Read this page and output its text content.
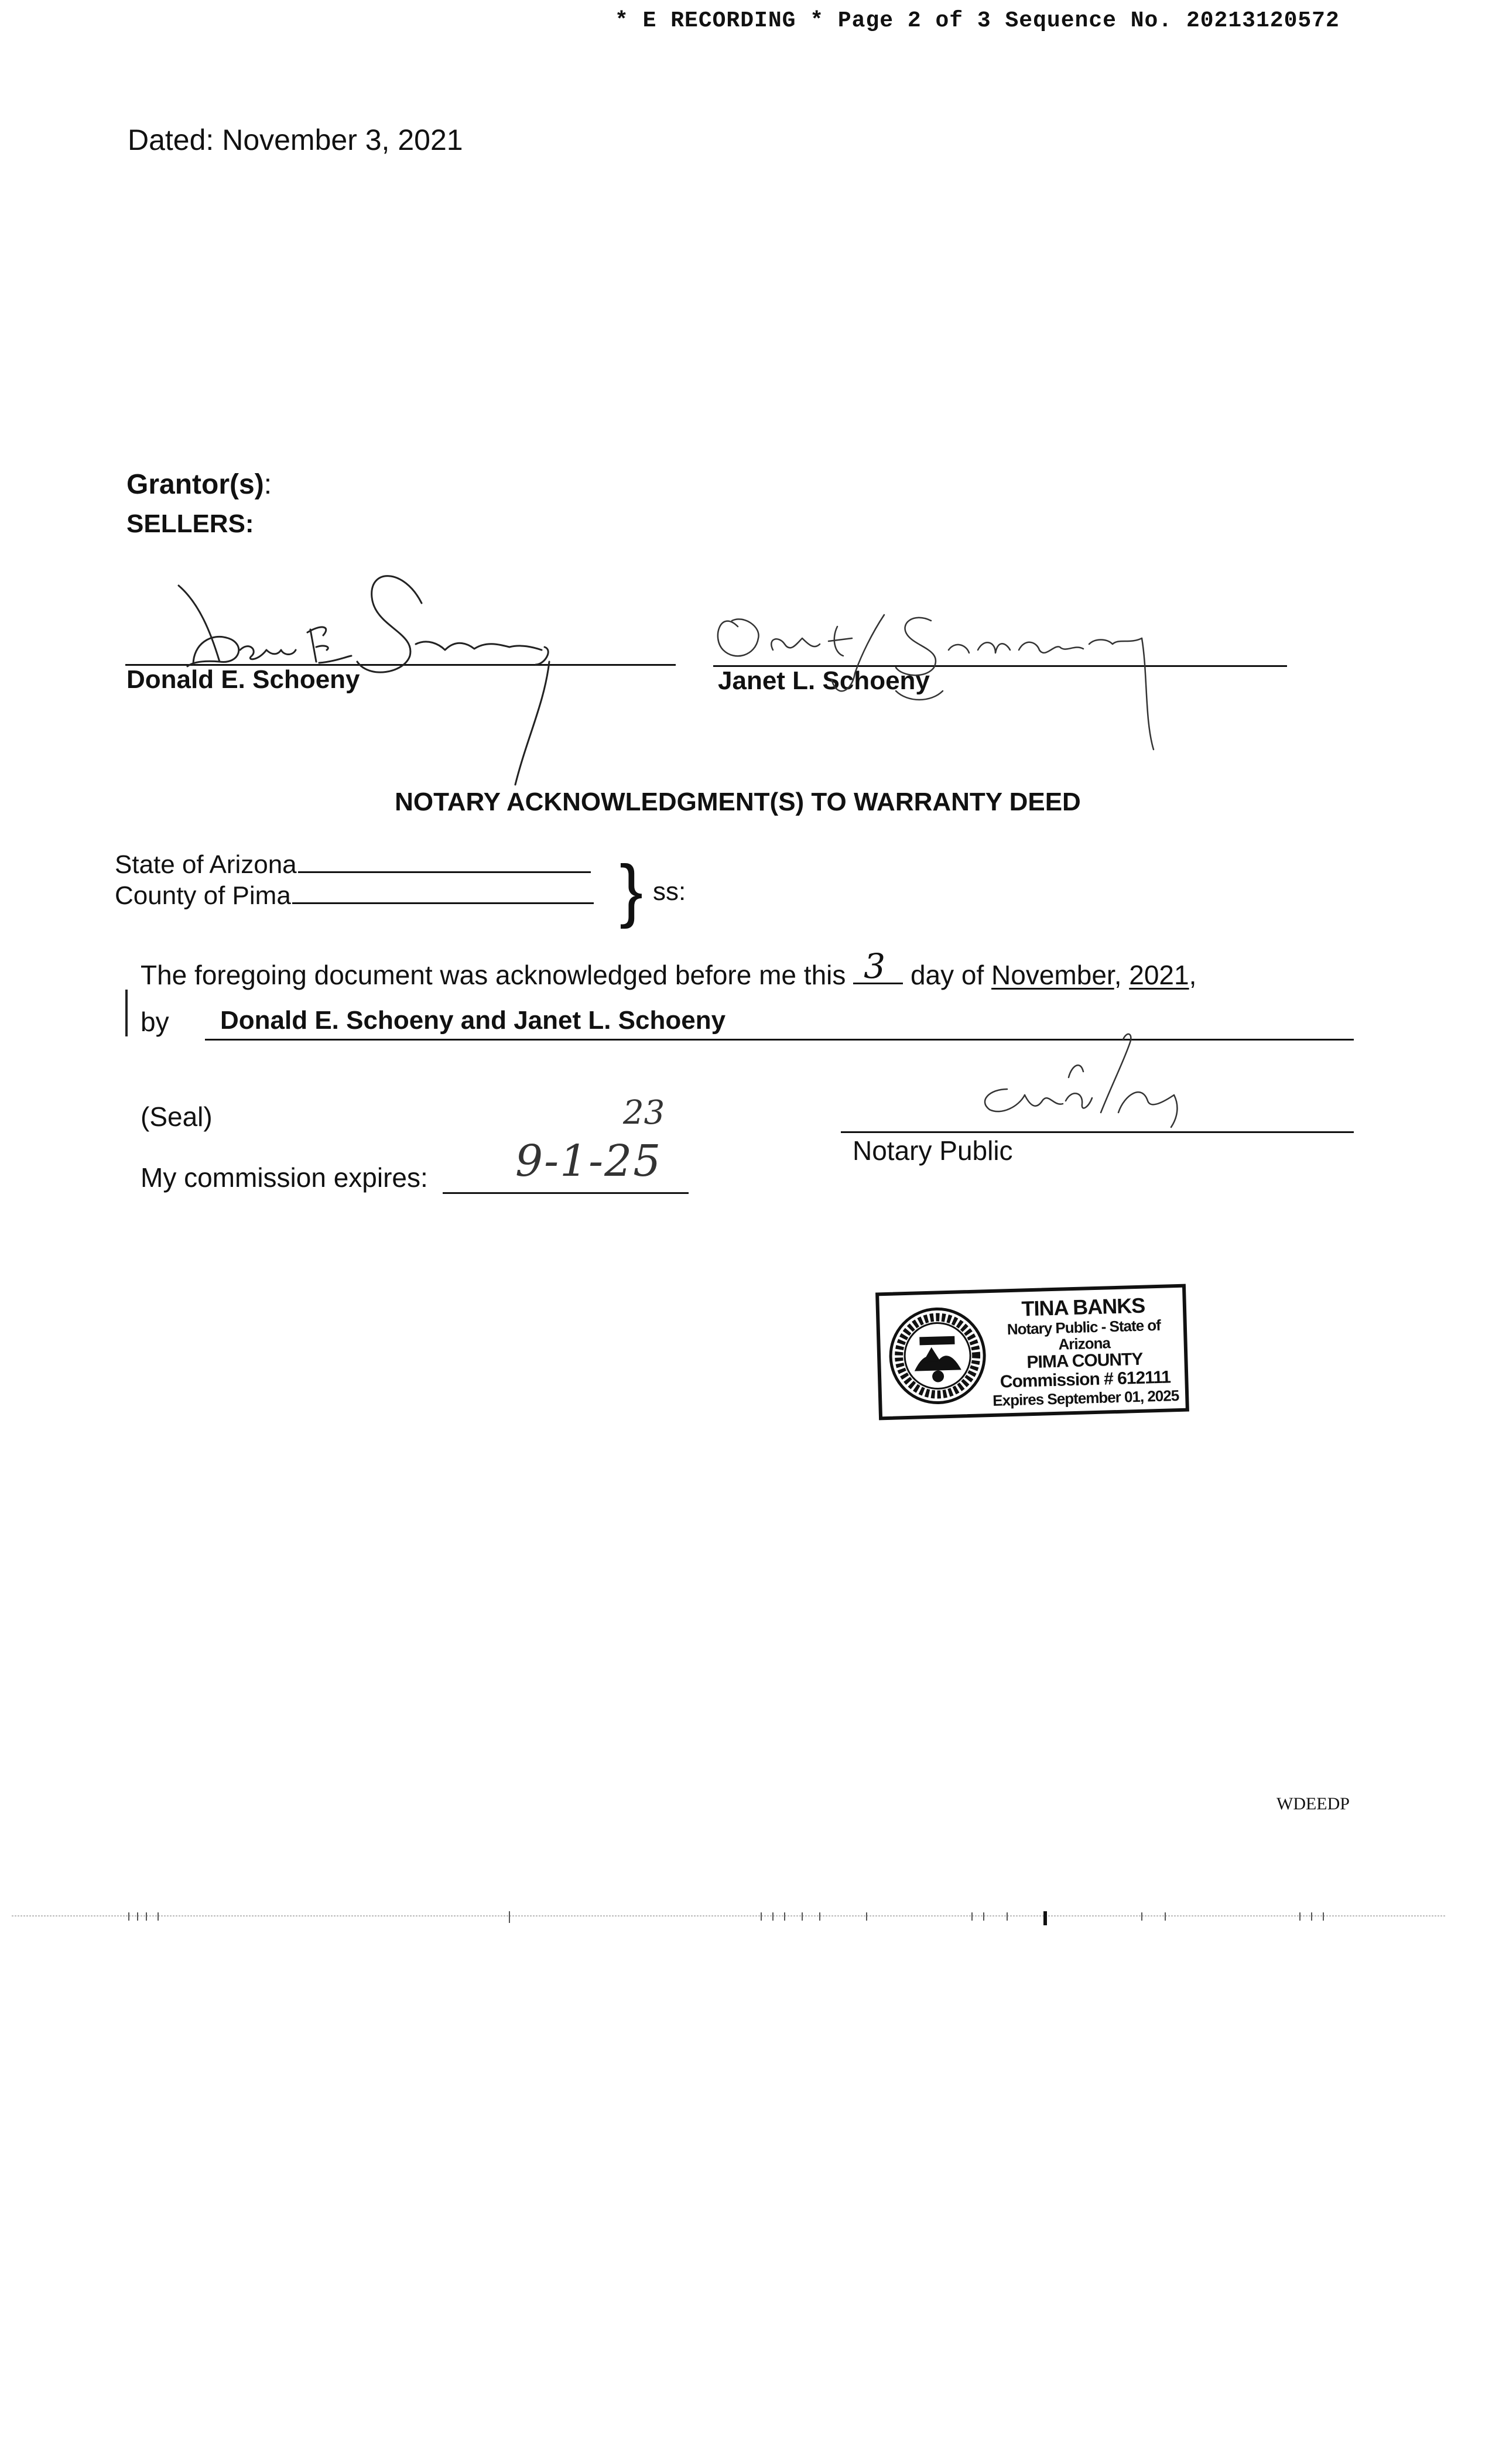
* E RECORDING * Page 2 of 3 Sequence No. 20213120572
Dated: November 3, 2021
Grantor(s):
SELLERS:
Donald E. Schoeny	Janet L. Schoeny
NOTARY ACKNOWLEDGMENT(S) TO WARRANTY DEED
State of Arizona
County of Pima	} ss:
The foregoing document was acknowledged before me this 3 day of November, 2021,
by Donald E. Schoeny and Janet L. Schoeny
(Seal)
My commission expires: 9-1-25
23
Notary Public
TINA BANKS
Notary Public - State of Arizona
PIMA COUNTY
Commission # 612111
Expires September 01, 2025
WDEEDP
